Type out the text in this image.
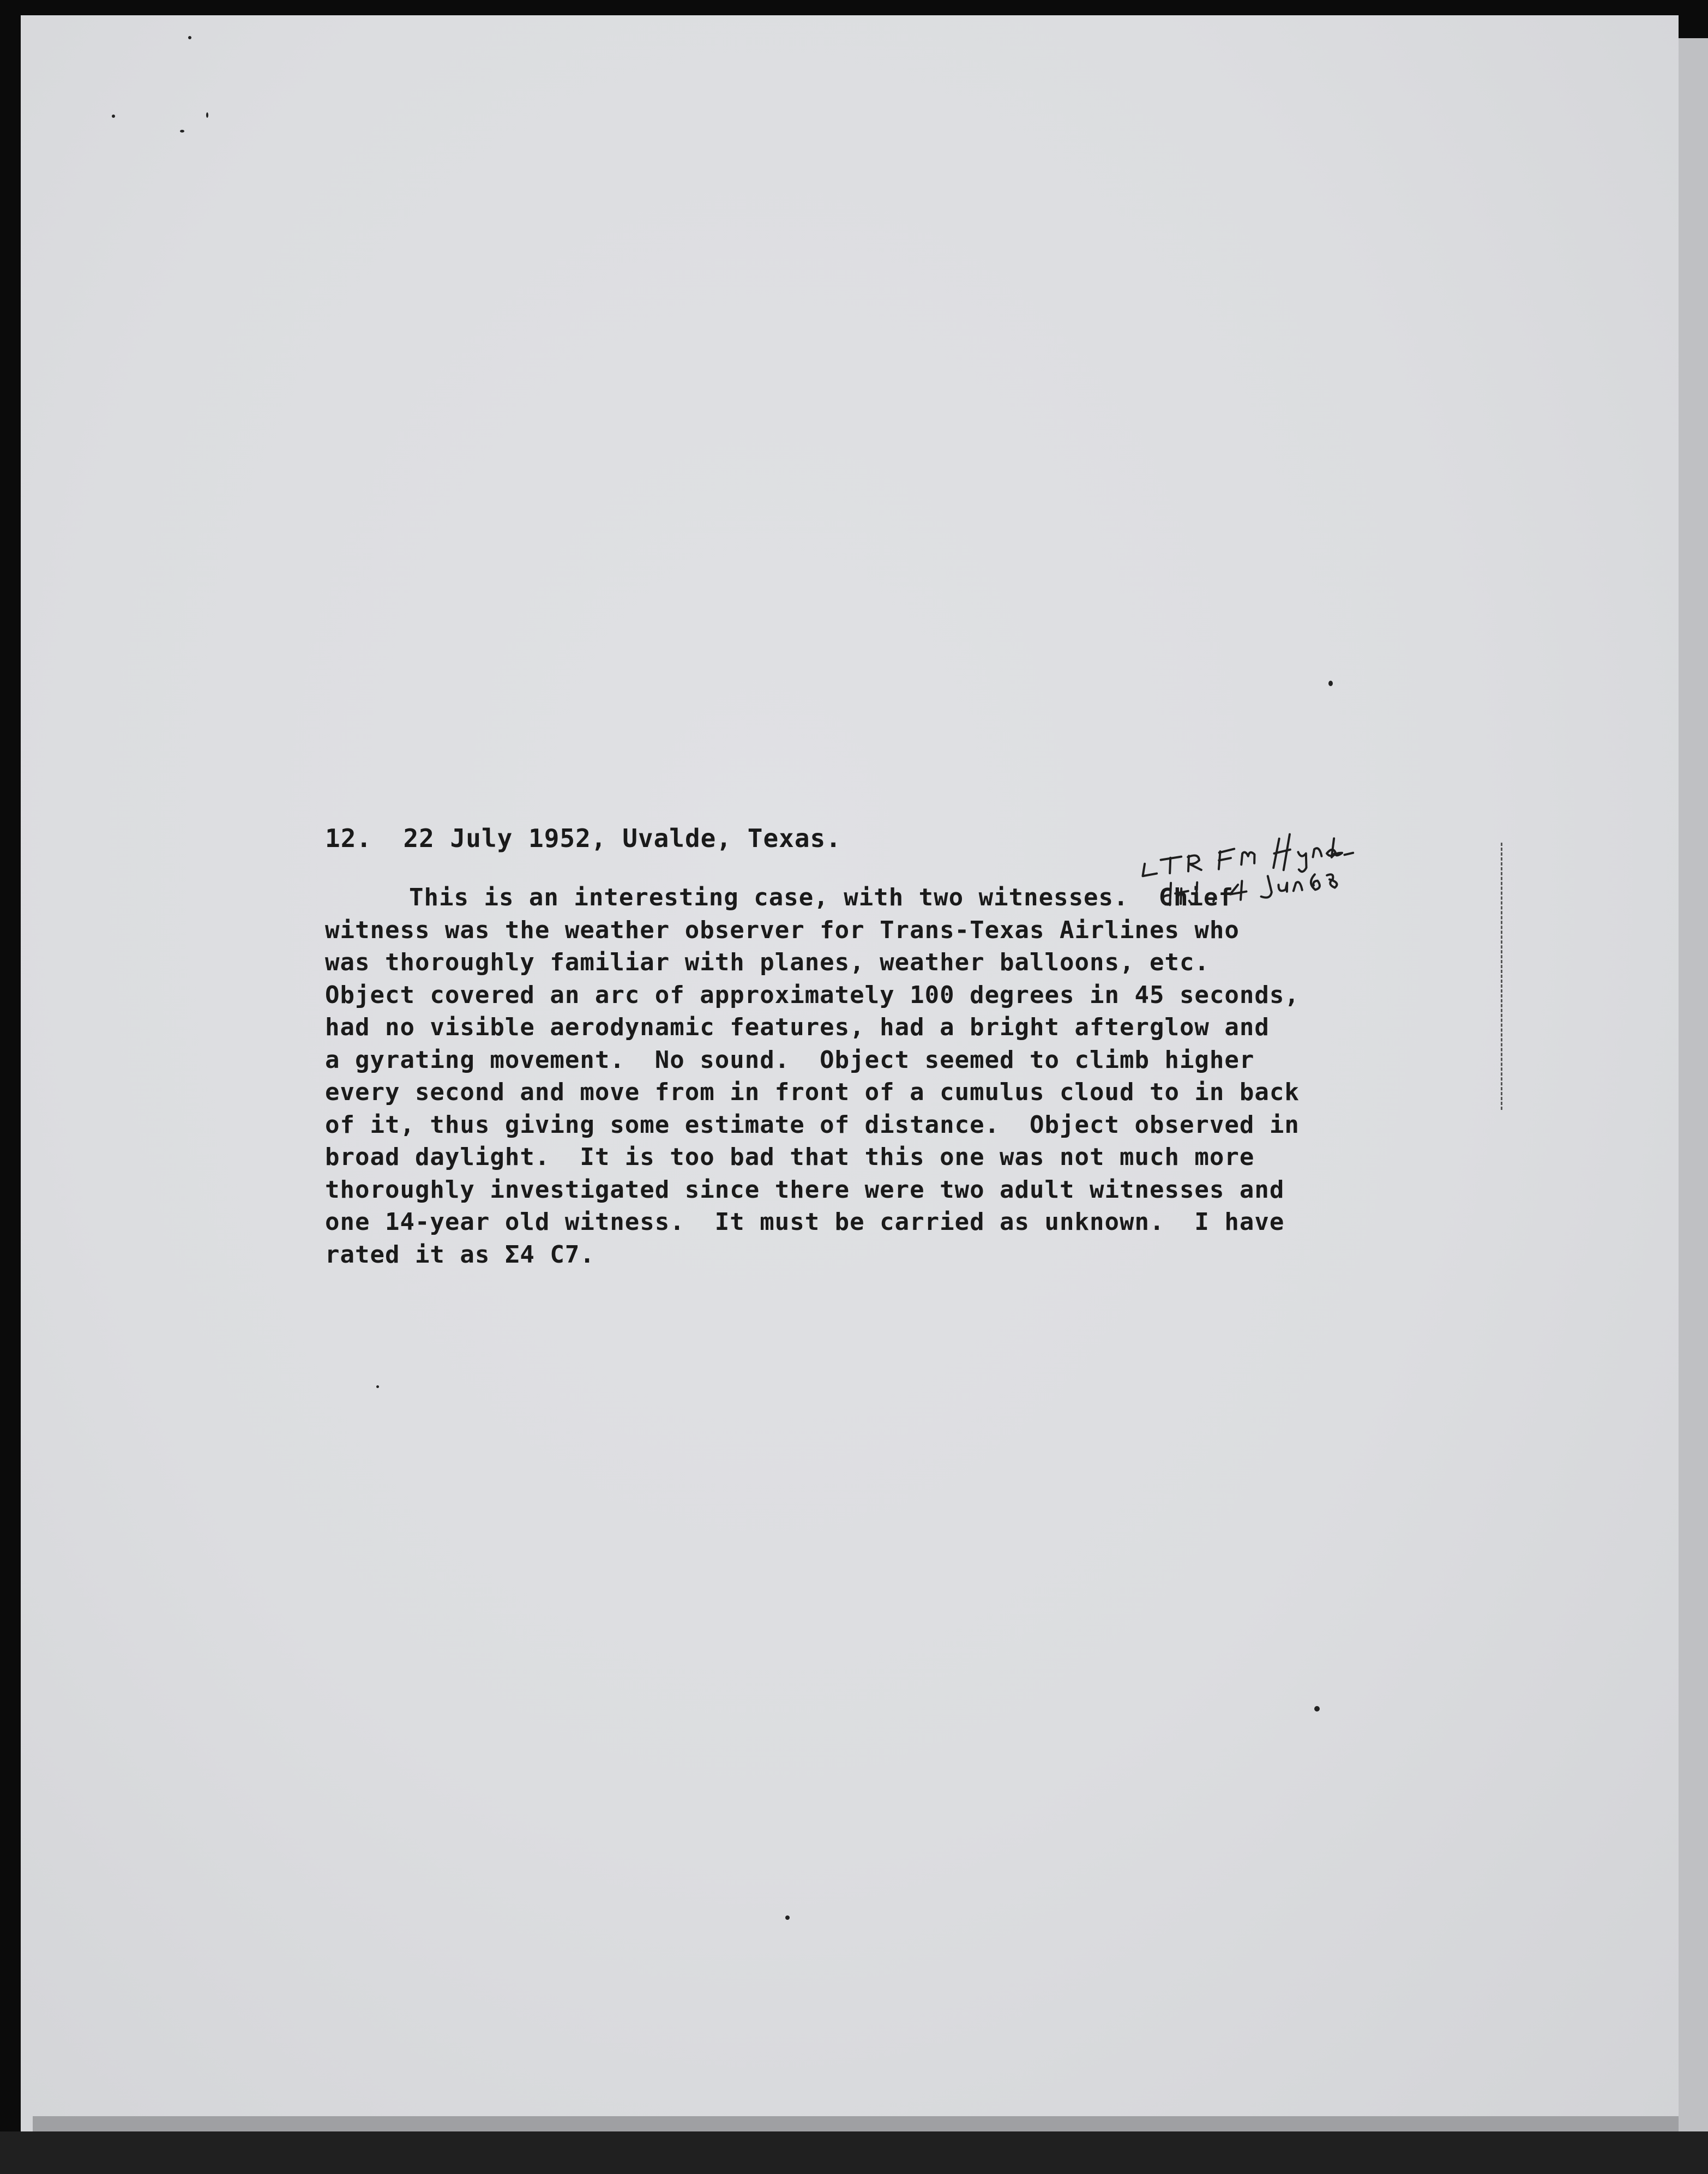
12.  22 July 1952, Uvalde, Texas.
This is an interesting case, with two witnesses.  Chief
witness was the weather observer for Trans-Texas Airlines who
was thoroughly familiar with planes, weather balloons, etc.
Object covered an arc of approximately 100 degrees in 45 seconds,
had no visible aerodynamic features, had a bright afterglow and
a gyrating movement.  No sound.  Object seemed to climb higher
every second and move from in front of a cumulus cloud to in back
of it, thus giving some estimate of distance.  Object observed in
broad daylight.  It is too bad that this one was not much more
thoroughly investigated since there were two adult witnesses and
one 14-year old witness.  It must be carried as unknown.  I have
rated it as Σ4 C7.
